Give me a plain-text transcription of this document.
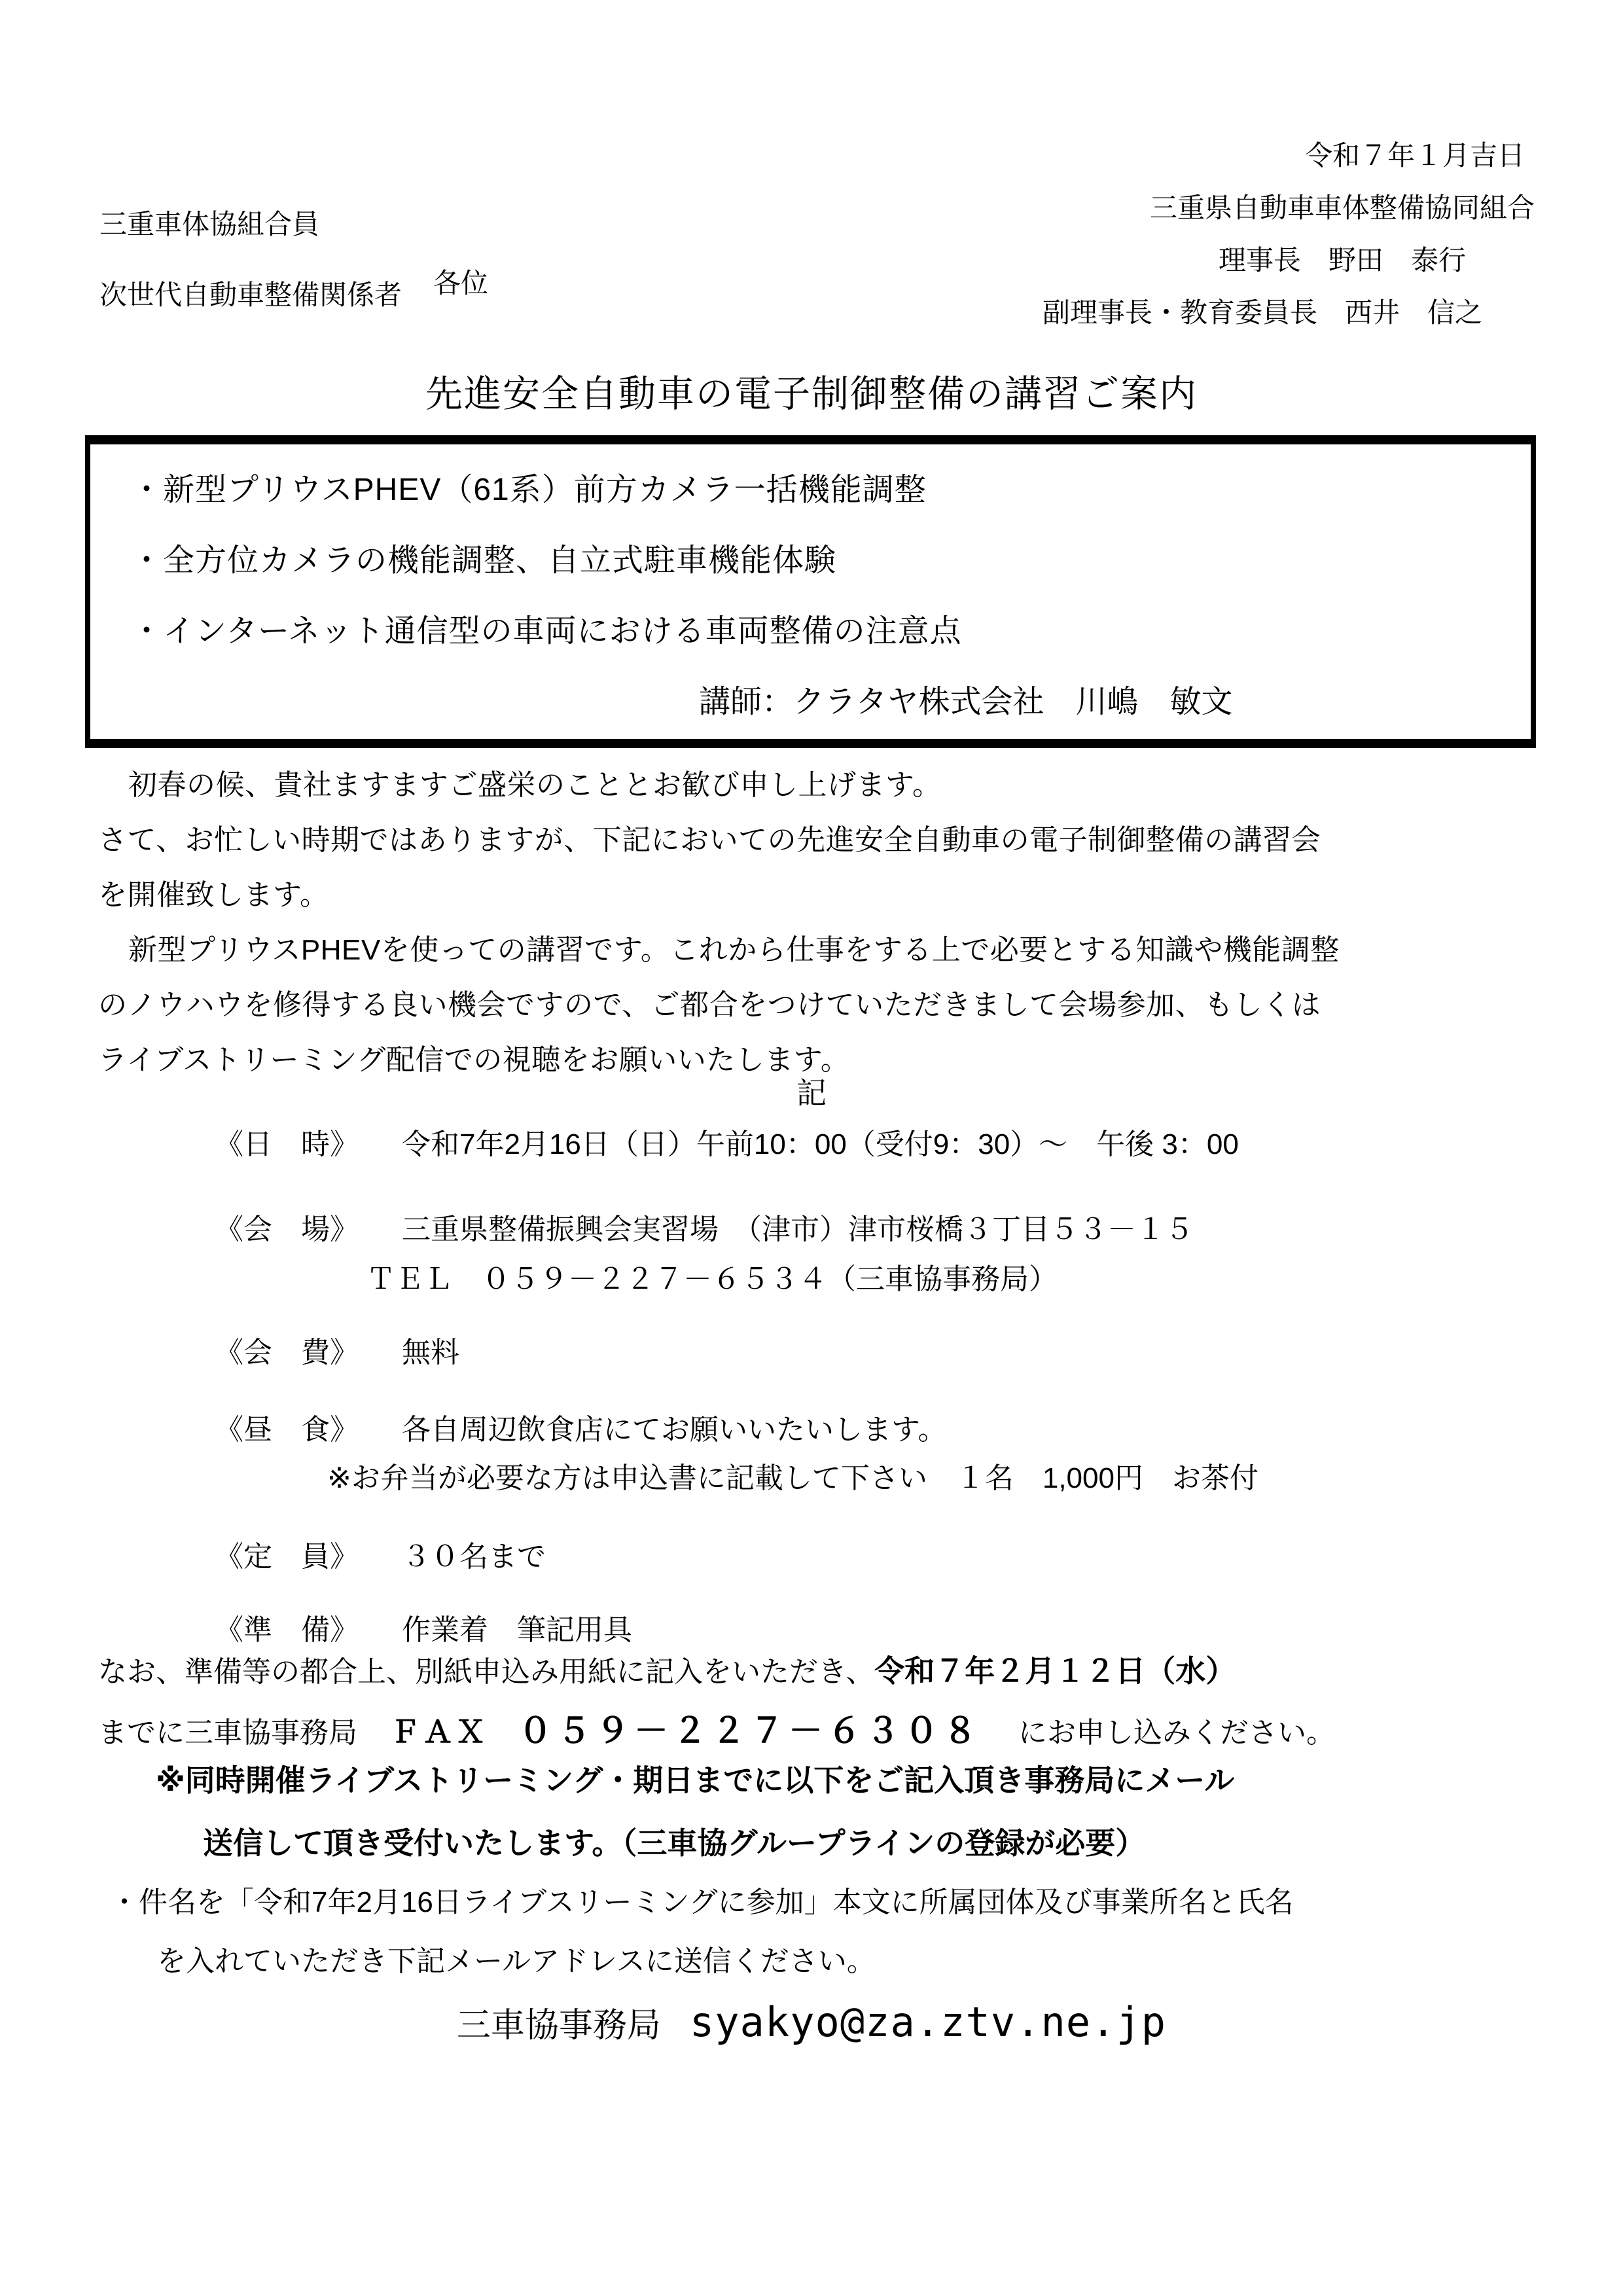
令和７年１月吉日
三重県自動車車体整備協同組合
理事長　野田　泰行
副理事長・教育委員長　西井　信之
三重車体協組合員
次世代自動車整備関係者 各位
先進安全自動車の電子制御整備の講習ご案内
・新型プリウスPHEV（61系）前方カメラ一括機能調整
・全方位カメラの機能調整、自立式駐車機能体験
・インターネット通信型の車両における車両整備の注意点
講師：クラタヤ株式会社　川嶋　敏文
初春の候、貴社ますますご盛栄のこととお歓び申し上げます。
さて、お忙しい時期ではありますが、下記においての先進安全自動車の電子制御整備の講習会
を開催致します。
新型プリウスPHEVを使っての講習です。これから仕事をする上で必要とする知識や機能調整
のノウハウを修得する良い機会ですので、ご都合をつけていただきまして会場参加、もしくは
ライブストリーミング配信での視聴をお願いいたします。
記
《日　時》 令和7年2月16日（日）午前10：00（受付9：30）～　午後 3：00
《会　場》 三重県整備振興会実習場　（津市）津市桜橋３丁目５３－１５
ＴＥＬ　０５９－２２７－６５３４（三車協事務局）
《会　費》 無料
《昼　食》 各自周辺飲食店にてお願いいたいします。
※お弁当が必要な方は申込書に記載して下さい　１名　1,000円　お茶付
《定　員》 ３０名まで
《準　備》 作業着　筆記用具
なお、準備等の都合上、別紙申込み用紙に記入をいただき、令和７年２月１２日（水）
までに三車協事務局 ＦＡＸ ０５９－２２７－６３０８ にお申し込みください。
※同時開催ライブストリーミング・期日までに以下をご記入頂き事務局にメール
送信して頂き受付いたします。（三車協グループラインの登録が必要）
・件名を「令和7年2月16日ライブスリーミングに参加」本文に所属団体及び事業所名と氏名
を入れていただき下記メールアドレスに送信ください。
三車協事務局 syakyo@za.ztv.ne.jp
